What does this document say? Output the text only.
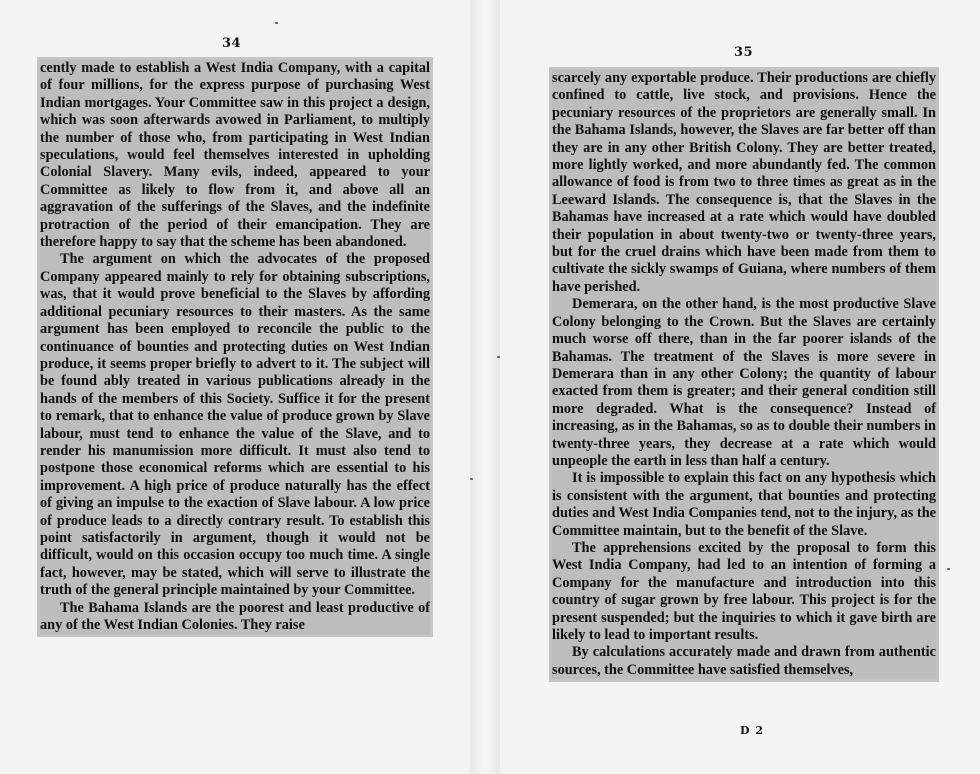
34

cently made to establish a West India Company, with a capital of four millions, for the express purpose of purchasing West Indian mortgages. Your Committee saw in this project a design, which was soon afterwards avowed in Parliament, to multiply the number of those who, from participating in West Indian speculations, would feel themselves interested in upholding Colonial Slavery. Many evils, indeed, appeared to your Committee as likely to flow from it, and above all an aggravation of the sufferings of the Slaves, and the indefinite protraction of the period of their emancipation. They are therefore happy to say that the scheme has been abandoned.

The argument on which the advocates of the proposed Company appeared mainly to rely for obtaining subscriptions, was, that it would prove beneficial to the Slaves by affording additional pecuniary resources to their masters. As the same argument has been employed to reconcile the public to the continuance of bounties and protecting duties on West Indian produce, it seems proper briefly to advert to it. The subject will be found ably treated in various publications already in the hands of the members of this Society. Suffice it for the present to remark, that to enhance the value of produce grown by Slave labour, must tend to enhance the value of the Slave, and to render his manumission more difficult. It must also tend to postpone those economical reforms which are essential to his improvement. A high price of produce naturally has the effect of giving an impulse to the exaction of Slave labour. A low price of produce leads to a directly contrary result. To establish this point satisfactorily in argument, though it would not be difficult, would on this occasion occupy too much time. A single fact, however, may be stated, which will serve to illustrate the truth of the general principle maintained by your Committee.

The Bahama Islands are the poorest and least productive of any of the West Indian Colonies. They raise

35

scarcely any exportable produce. Their productions are chiefly confined to cattle, live stock, and provisions. Hence the pecuniary resources of the proprietors are generally small. In the Bahama Islands, however, the Slaves are far better off than they are in any other British Colony. They are better treated, more lightly worked, and more abundantly fed. The common allowance of food is from two to three times as great as in the Leeward Islands. The consequence is, that the Slaves in the Bahamas have increased at a rate which would have doubled their population in about twenty-two or twenty-three years, but for the cruel drains which have been made from them to cultivate the sickly swamps of Guiana, where numbers of them have perished.

Demerara, on the other hand, is the most productive Slave Colony belonging to the Crown. But the Slaves are certainly much worse off there, than in the far poorer islands of the Bahamas. The treatment of the Slaves is more severe in Demerara than in any other Colony; the quantity of labour exacted from them is greater; and their general condition still more degraded. What is the consequence? Instead of increasing, as in the Bahamas, so as to double their numbers in twenty-three years, they decrease at a rate which would unpeople the earth in less than half a century.

It is impossible to explain this fact on any hypothesis which is consistent with the argument, that bounties and protecting duties and West India Companies tend, not to the injury, as the Committee maintain, but to the benefit of the Slave.

The apprehensions excited by the proposal to form this West India Company, had led to an intention of forming a Company for the manufacture and introduction into this country of sugar grown by free labour. This project is for the present suspended; but the inquiries to which it gave birth are likely to lead to important results.

By calculations accurately made and drawn from authentic sources, the Committee have satisfied themselves,

D 2
